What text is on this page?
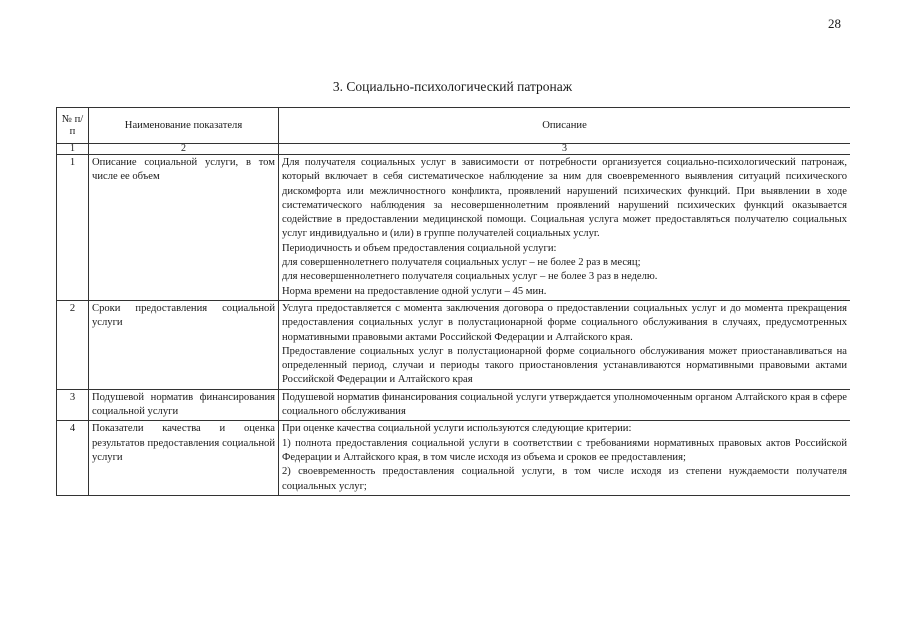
28
3. Социально-психологический патронаж
№ п/п	Наименование показателя	Описание
1	2	3
1	Описание социальной услуги, в том числе ее объем	Для получателя социальных услуг в зависимости от потребности организуется социально-психологический патронаж, который включает в себя систематическое наблюдение за ним для своевременного выявления ситуаций психического дискомфорта или межличностного конфликта, проявлений нарушений психических функций. При выявлении в ходе систематического наблюдения за несовершеннолетним проявлений нарушений психических функций оказывается содействие в предоставлении медицинской помощи. Социальная услуга может предоставляться получателю социальных услуг индивидуально и (или) в группе получателей социальных услуг.

Периодичность и объем предоставления социальной услуги:

для совершеннолетнего получателя социальных услуг – не более 2 раз в месяц;

для несовершеннолетнего получателя социальных услуг – не более 3 раз в неделю.

Норма времени на предоставление одной услуги – 45 мин.

2	Сроки предоставления социальной услуги	Услуга предоставляется с момента заключения договора о предоставлении социальных услуг и до момента прекращения предоставления социальных услуг в полустационарной форме социального обслуживания в случаях, предусмотренных нормативными правовыми актами Российской Федерации и Алтайского края.

Предоставление социальных услуг в полустационарной форме социального обслуживания может приостанавливаться на определенный период, случаи и периоды такого приостановления устанавливаются нормативными правовыми актами Российской Федерации и Алтайского края

3	Подушевой норматив финансирования социальной услуги	Подушевой норматив финансирования социальной услуги утверждается уполномоченным органом Алтайского края в сфере социального обслуживания

4	Показатели качества и оценка результатов предоставления социальной услуги	При оценке качества социальной услуги используются следующие критерии:

1) полнота предоставления социальной услуги в соответствии с требованиями нормативных правовых актов Российской Федерации и Алтайского края, в том числе исходя из объема и сроков ее предоставления;

2) своевременность предоставления социальной услуги, в том числе исходя из степени нуждаемости получателя социальных услуг;
